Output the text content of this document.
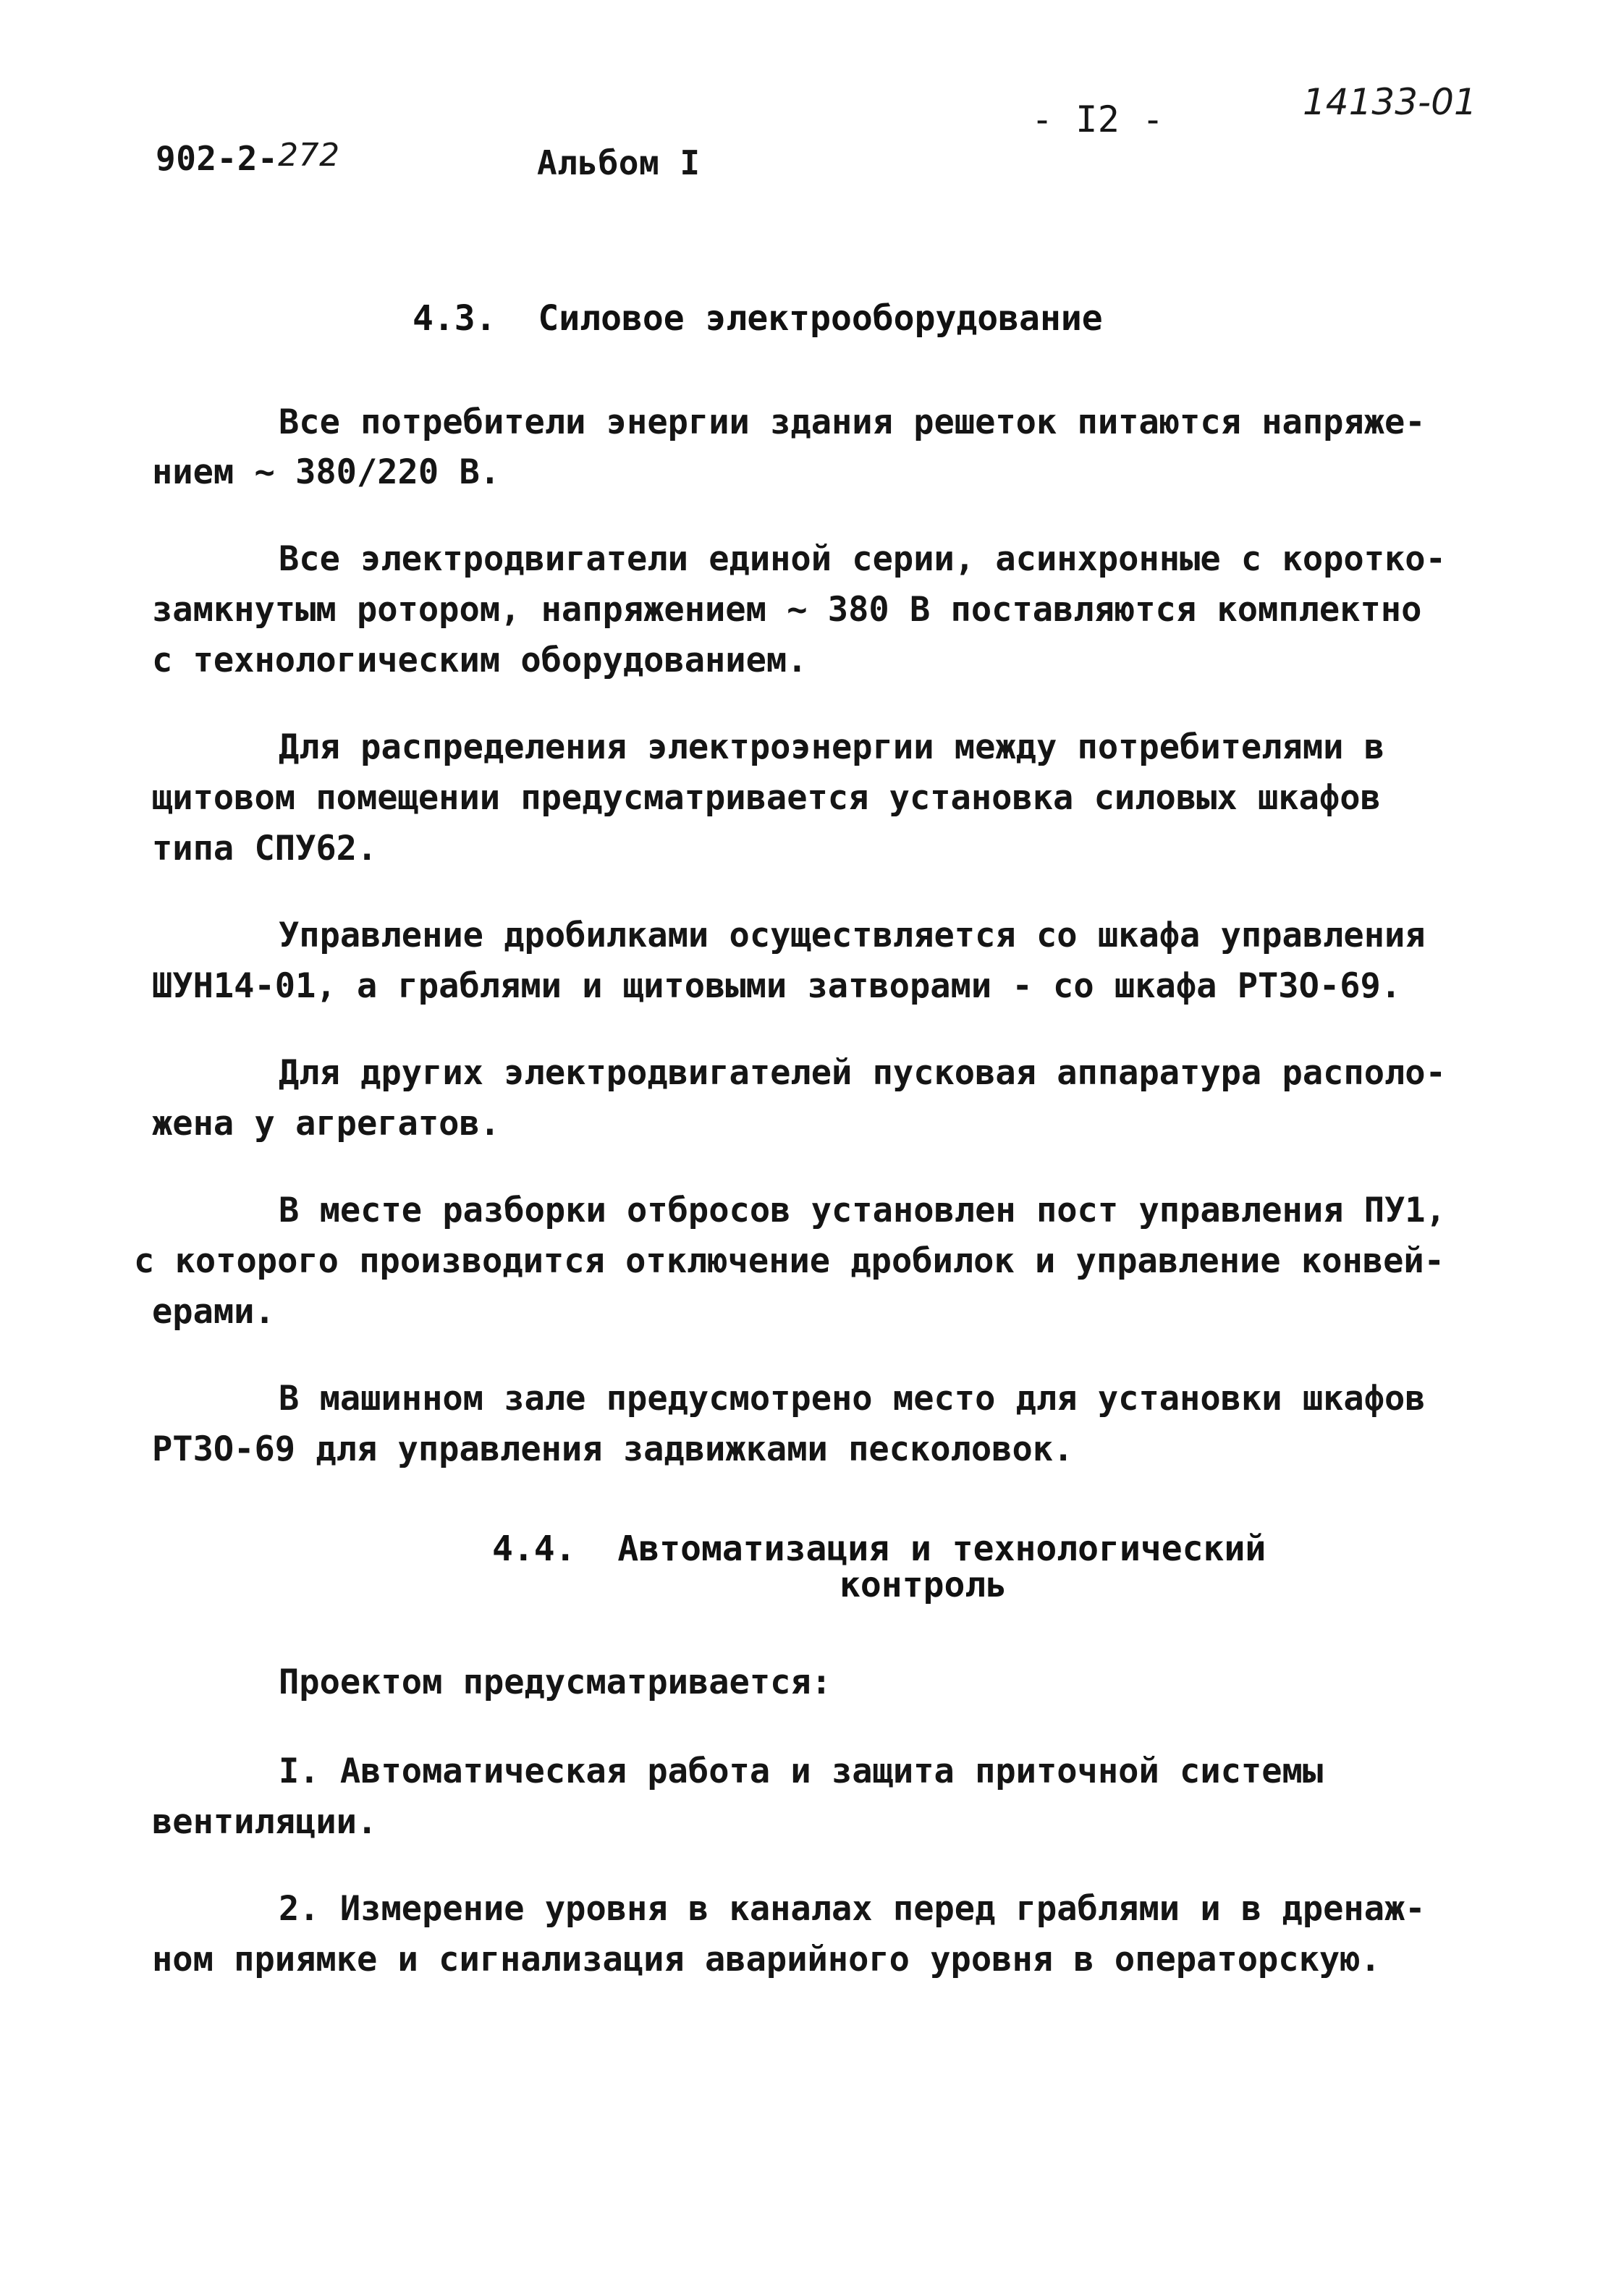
902-2-272	Альбом I
- I2 -	14133-01
4.3. Силовое электрооборудование
Все потребители энергии здания решеток питаются напряже-
нием ~ 380/220 В.
Все электродвигатели единой серии, асинхронные с коротко-
замкнутым ротором, напряжением ~ 380 В поставляются комплектно
с технологическим оборудованием.
Для распределения электроэнергии между потребителями в
щитовом помещении предусматривается установка силовых шкафов
типа СПУ62.
Управление дробилками осуществляется со шкафа управления
ШУН14-01, а граблями и щитовыми затворами - со шкафа РТЗО-69.
Для других электродвигателей пусковая аппаратура располо-
жена у агрегатов.
В месте разборки отбросов установлен пост управления ПУ1,
с которого производится отключение дробилок и управление конвей-
ерами.
В машинном зале предусмотрено место для установки шкафов
РТЗО-69 для управления задвижками песколовок.
4.4. Автоматизация и технологический
контроль
Проектом предусматривается:
I. Автоматическая работа и защита приточной системы
вентиляции.
2. Измерение уровня в каналах перед граблями и в дренаж-
ном приямке и сигнализация аварийного уровня в операторскую.
